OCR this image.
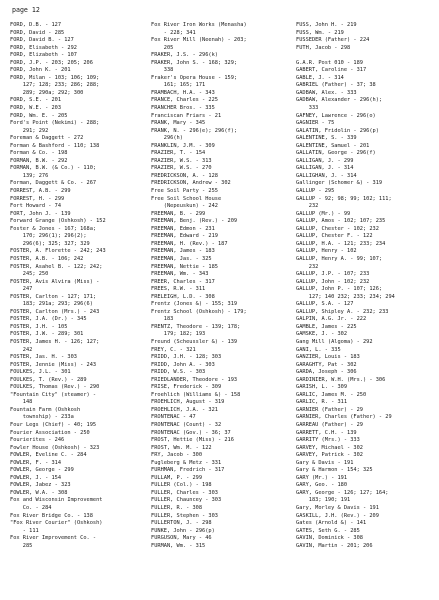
page 12
FORD, D.B. - 127
FORD, David - 285
FORD, David B. - 127
FORD, Elisabeth - 292
FORD, Elizabeth - 107
FORD, J.P. - 203; 205; 206
FORD, John K. - 201
FORD, Milan - 103; 106; 109;
127; 128; 233; 286; 288;
289; 290a; 292; 300
FORD, S.E. - 201
FORD, W.E. - 203
FORD, Wm. E. - 205
Ford's Point (Nekimi) - 288;
291; 292
Foreman & Daggett - 272
Forman & Bashford - 110; 138
Forman & Co. - 198
FORMAN, B.W. - 292
FORMAN, B.W. (& Co.) - 110;
139; 276
Forman, Daggett & Co. - 267
FORREST, A.B. - 299
FORREST, H. - 299
Fort Howard - 74
FORT, John J. - 139
Forward Grange (Oshkosh) - 152
Foster & Jones - 167; 168a;
170; 296(1); 296(2);
296(6); 325; 327; 329
FOSTER, A. Florette - 242; 243
FOSTER, A.B. - 106; 242
FOSTER, Asahel B. - 122; 242;
245; 250
FOSTER, Avis Alvira (Miss) -
247
FOSTER, Carlton - 127; 171;
183; 291a; 293; 296(6)
FOSTER, Carlton (Mrs.) - 243
FOSTER, J.A. (Dr.) - 345
FOSTER, J.H. - 105
FOSTER, J.W. - 289; 301
FOSTER, James H. - 126; 127;
242
FOSTER, Jas. H. - 303
FOSTER, Jennie (Miss) - 243
FOULKES, J.L. - 301
FOULKES, T. (Rev.) - 289
FOULKES, Thomas (Rev.) - 290
"Fountain City" (steamer) -
148
Fountain Farm (Oshkosh
township) - 233a
Four Legs (Chief) - 40; 195
Fourier Association - 250
Fourierites - 246
Fowler House (Oshkosh) - 323
FOWLER, Eveline C. - 284
FOWLER, F. - 314
FOWLER, George - 299
FOWLER, J. - 154
FOWLER, Jabez - 323
FOWLER, W.A. - 308
Fox and Wisconsin Improvement
Co. - 284
Fox River Bridge Co. - 138
"Fox River Courier" (Oshkosh)
- 111
Fox River Improvement Co. -
285
Fox River Iron Works (Menasha)
- 228; 341
Fox River Mill (Neenah) - 203;
205
FRAKER, J.S. - 296(k)
FRAKER, John S. - 168; 329;
338
Fraker's Opera House - 159;
161; 165; 171
FRAMBACH, H.A. - 343
FRANCE, Charles - 225
FRANCHER Bros. - 335
Franciscan Friars - 21
FRANK, Mary - 345
FRANK, N. - 296(e); 296(f);
296(h)
FRANKLIN, J.M. - 309
FRAZIER, T. - 154
FRAZIER, W.S. - 313
FRAZIER, W.S. - 270
FREDRICKSON, A. - 128
FREDRICKSON, Andrew - 302
Free Soil Party - 255
Free Soil School House
(Nepeuskun) - 242
FREEMAN, B. - 299
FREEMAN, Benj. (Rev.) - 209
FREEMAN, Edmon - 231
FREEMAN, Edward - 219
FREEMAN, H. (Rev.) - 187
FREEMAN, James - 183
FREEMAN, Jas. - 325
FREEMAN, Nettie - 185
FREEMAN, Wm. - 343
FREER, Charles - 317
FREES, R.W. - 311
FRELEIGH, L.D. - 308
Frentz (Jones &) - 155; 319
Frentz School (Oshkosh) - 179;
183
FRENTZ, Theodore - 139; 178;
179; 182; 193
Freund (Scheussler &) - 139
FREY, C. - 321
FRIDD, J.H. - 128; 303
FRIDD, John A. - 303
FRIDD, W.S. - 303
FRIEDLANDER, Theodore - 193
FRISE, Frederick - 309
Froehlich (Williams &) - 158
FROEHLICH, August - 319
FROEHLICH, J.A. - 321
FRONTENAC - 47
FRONTENAC (Count) - 32
FRONTENAC (Gov.) - 36; 37
FROST, Hettie (Miss) - 216
FROST, Wm. M. - 122
FRY, Jacob - 300
Fugleberg & Metz - 331
FURHMAN, Fredrich - 317
FULLAM, P. - 299
FULLER (Col.) - 198
FULLER, Charles - 303
FULLER, Chauncey - 303
FULLER, R. - 308
FULLER, Stephen - 303
FULLERTON, J. - 298
FUNKE, John - 296(p)
FURGUSON, Mary - 46
FURMAN, Wm. - 315
FUSS, John H. - 219
FUSS, Wm. - 219
FUSSEDER (Father) - 224
FUTH, Jacob - 298

G.A.R. Post 010 - 189
GABERT, Caroline - 317
GABLE, J. - 314
GABRIEL (Father) - 37; 38
GADBAW, Alex. - 333
GADBAW, Alexander - 296(h);
333
GAFNEY, Lawrence - 296(o)
GAGNIER - 75
GALATIN, Fridolin - 296(p)
GALENTINE, S. - 339
GALENTINE, Samuel - 201
GALLATIN, George - 296(f)
GALLIGAN, J. - 299
GALLIGAN, J. - 314
GALLIGHAN, J. - 314
Gallinger (Schomer &) - 319
GALLUP - 295
GALLUP - 92; 98; 99; 102; 111;
232
GALLUP (Mr.) - 99
GALLUP, Amos - 102; 107; 235
GALLUP, Chester - 102; 232
GALLUP, Chester F. - 122
GALLUP, H.A. - 121; 233; 234
GALLUP, Henry - 102
GALLUP, Henry A. - 99; 107;
232
GALLUP, J.P. - 107; 233
GALLUP, John - 102; 232
GALLUP, John P. - 107; 126;
127; 140 232; 233; 234; 294
GALLUP, S.A. - 127
GALLUP, Shipley A. - 232; 233
GALPIN, A.G. Jr. - 222
GAMBLE, James - 225
GAMSKE, J. - 302
Gang Mill (Algoma) - 292
GANI, L. - 335
GANZIER, Louis - 183
GARAGHTY, Pat - 302
GARDA, Joseph - 306
GARDINIER, W.H. (Mrs.) - 306
GARISH, L. - 309
GARLIC, James M. - 250
GARLIC, R. - 311
GARNIER (Father) - 29
GARNIER, Charles (Father) - 29
GARREAU (Father) - 29
GARRETT, C.H. - 139
GARRITY (Mrs.) - 333
GARVEY, Michael - 302
GARVEY, Patrick - 302
Gary & Davis - 191
Gary & Harmon - 154; 325
GARY (Mr.) - 191
GARY, Geo. - 180
GARY, George - 126; 127; 164;
183; 190; 191
Gary, Morley & Davis - 191
GASKILL, J.H. (Rev.) - 209
Gates (Arnold &) - 141
GATES, Seth G. - 285
GAVIN, Dominick - 308
GAVIN, Martin - 201; 206
